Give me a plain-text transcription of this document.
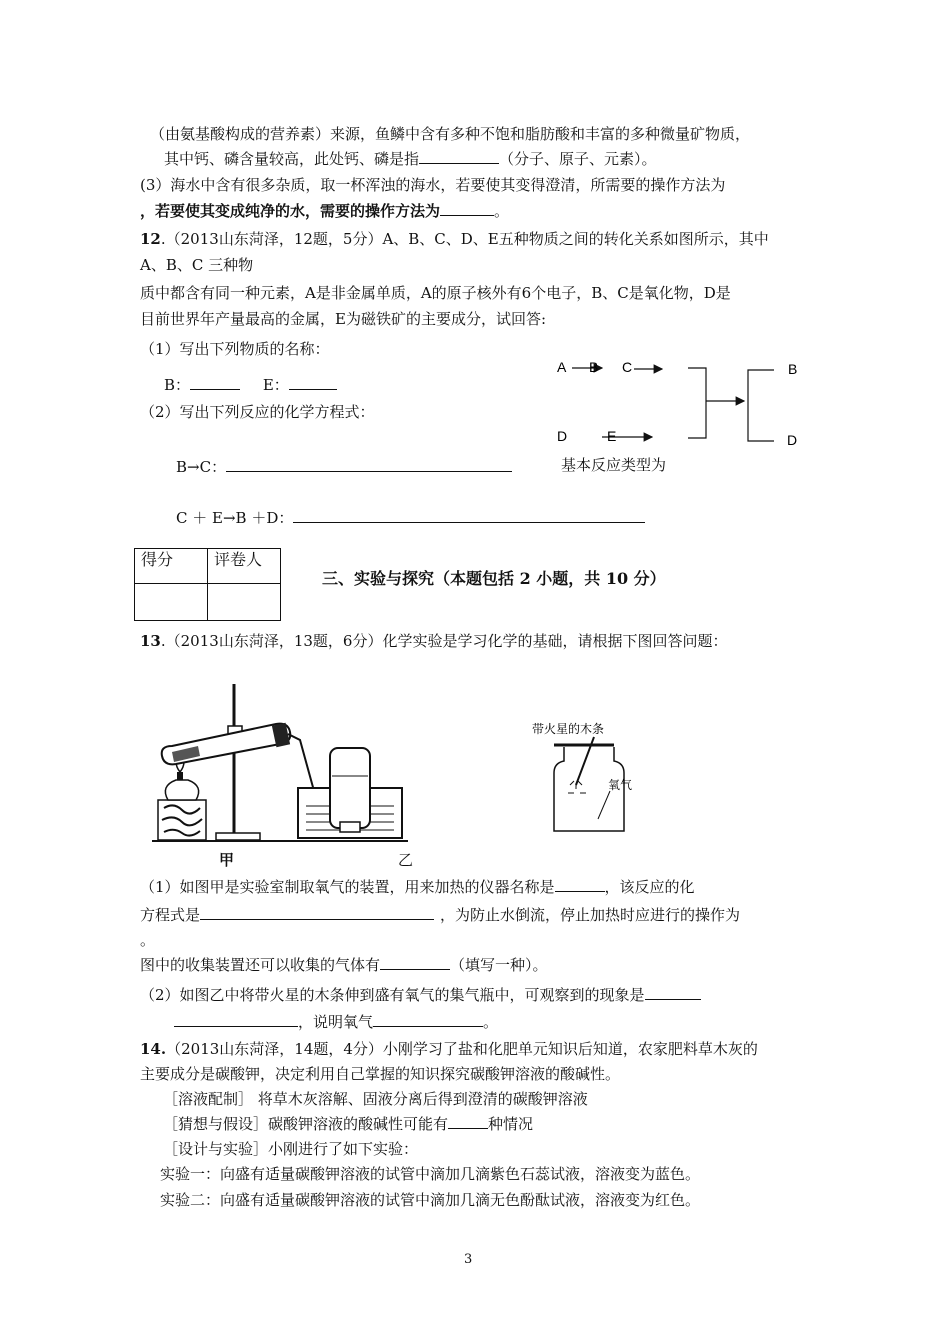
（由氨基酸构成的营养素）来源，鱼鳞中含有多种不饱和脂肪酸和丰富的多种微量矿物质，
其中钙、磷含量较高，此处钙、磷是指	（分子、原子、元素）。
(3）海水中含有很多杂质，取一杯浑浊的海水，若要使其变得澄清，所需要的操作方法为
，若要使其变成纯净的水，需要的操作方法为	。
12.（2013山东菏泽，12题，5分）A、B、C、D、E五种物质之间的转化关系如图所示，其中
A、B、C 三种物
质中都含有同一种元素，A是非金属单质，A的原子核外有6个电子，B、C是氧化物，D是
目前世界年产量最高的金属，E为磁铁矿的主要成分，试回答:
（1）写出下列物质的名称：
B：	E：
（2）写出下列反应的化学方程式：
B→C：	基本反应类型为
C ＋ E→B ＋D：
A B C
D	E
B
D
得分	评卷人

三、实验与探究（本题包括 2 小题，共 10 分）
13.（2013山东菏泽，13题，6分）化学实验是学习化学的基础，请根据下图回答问题：
甲	乙
带火星的木条
氧气
（1）如图甲是实验室制取氧气的装置，用来加热的仪器名称是	，该反应的化
方程式是	，为防止水倒流，停止加热时应进行的操作为
。
图中的收集装置还可以收集的气体有	（填写一种）。
（2）如图乙中将带火星的木条伸到盛有氧气的集气瓶中，可观察到的现象是
，说明氧气	。
14.（2013山东菏泽，14题，4分）小刚学习了盐和化肥单元知识后知道，农家肥料草木灰的
主要成分是碳酸钾，决定利用自己掌握的知识探究碳酸钾溶液的酸碱性。
［溶液配制］ 将草木灰溶解、固液分离后得到澄清的碳酸钾溶液
［猜想与假设］碳酸钾溶液的酸碱性可能有	种情况
［设计与实验］小刚进行了如下实验：
实验一：向盛有适量碳酸钾溶液的试管中滴加几滴紫色石蕊试液，溶液变为蓝色。
实验二：向盛有适量碳酸钾溶液的试管中滴加几滴无色酚酞试液，溶液变为红色。
3
